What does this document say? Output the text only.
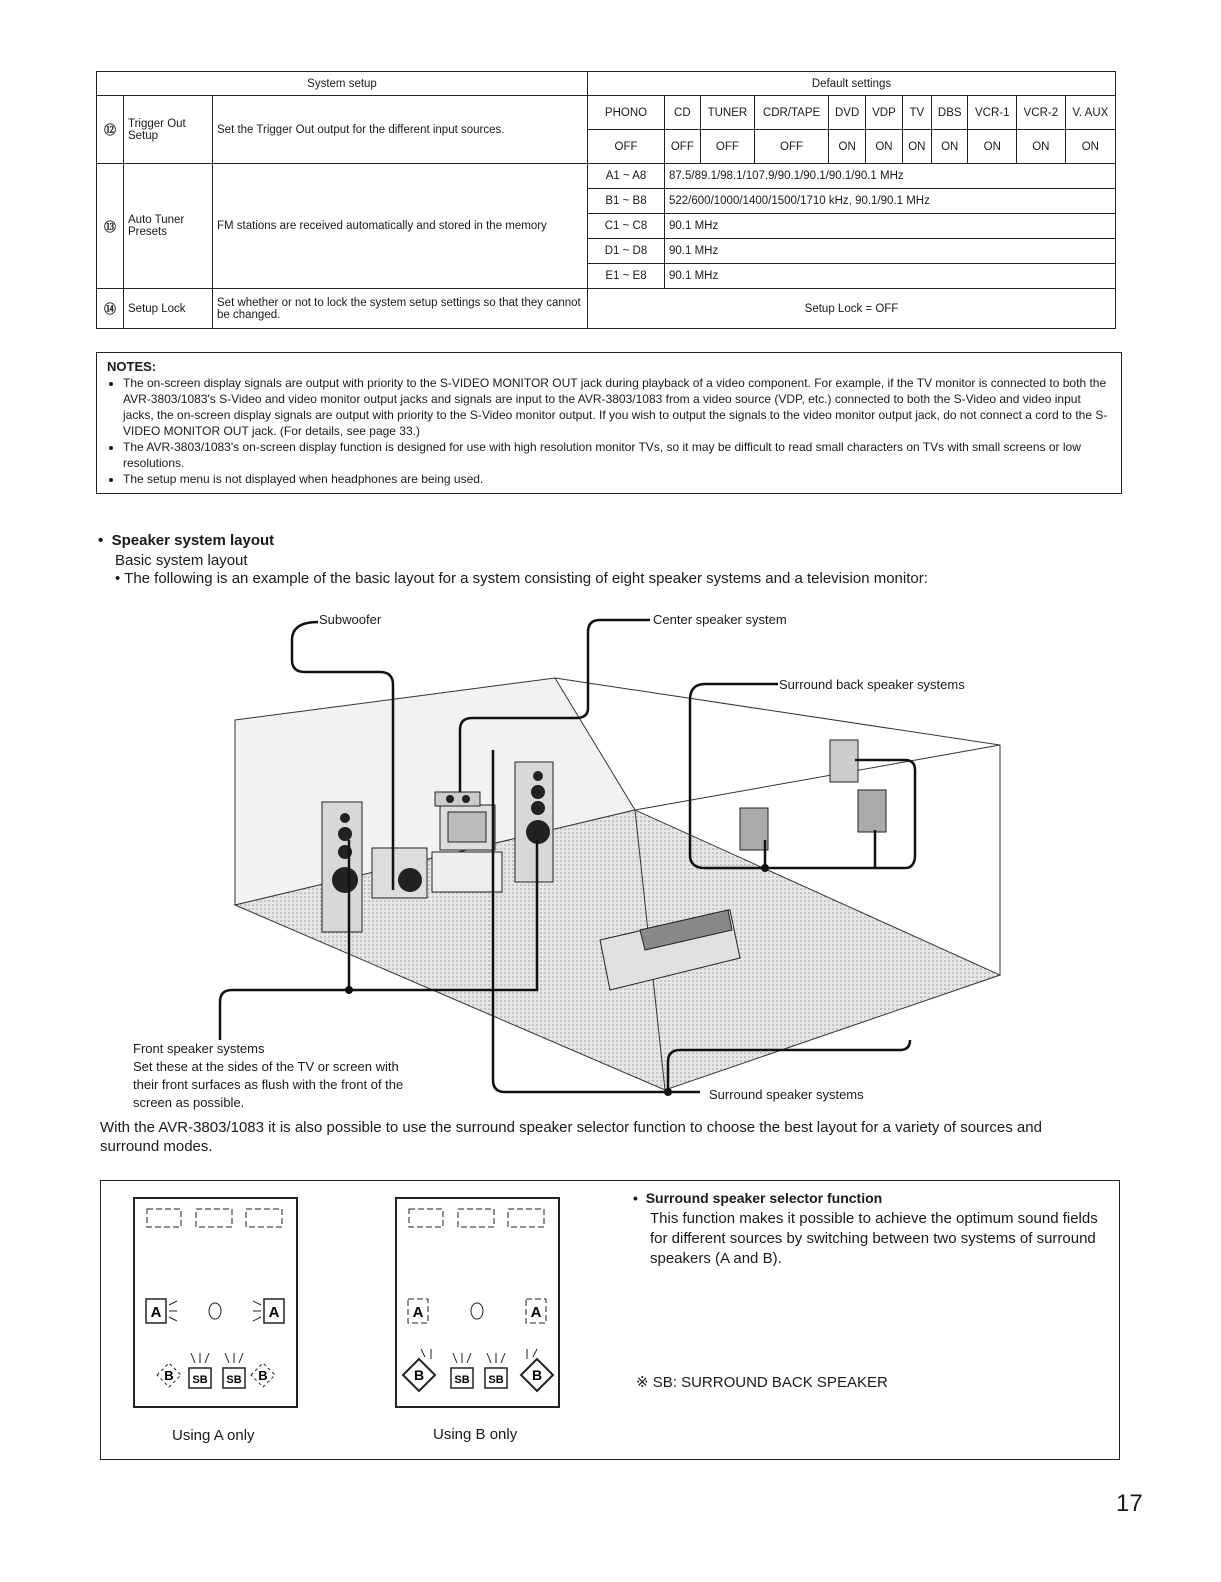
System setup			Default settings										
⑫	Trigger Out Setup	Set the Trigger Out output for the different input sources.	PHONO	CD	TUNER	CDR/TAPE	DVD	VDP	TV	DBS	VCR-1	VCR-2	V. AUX
			OFF	OFF	OFF	OFF	ON	ON	ON	ON	ON	ON	ON
⑬	Auto Tuner Presets	FM stations are received automatically and stored in the memory	A1 ~ A8	87.5/89.1/98.1/107.9/90.1/90.1/90.1/90.1 MHz									
			B1 ~ B8	522/600/1000/1400/1500/1710 kHz, 90.1/90.1 MHz									
			C1 ~ C8	90.1 MHz									
			D1 ~ D8	90.1 MHz									
			E1 ~ E8	90.1 MHz									
⑭	Setup Lock	Set whether or not to lock the system setup settings so that they cannot be changed.	Setup Lock = OFF										
NOTES:
• The on-screen display signals are output with priority to the S-VIDEO MONITOR OUT jack during playback of a video component. For example, if the TV monitor is connected to both the AVR-3803/1083's S-Video and video monitor output jacks and signals are input to the AVR-3803/1083 from a video source (VDP, etc.) connected to both the S-Video and video input jacks, the on-screen display signals are output with priority to the S-Video monitor output. If you wish to output the signals to the video monitor output jack, do not connect a cord to the S-VIDEO MONITOR OUT jack. (For details, see page 33.)
• The AVR-3803/1083's on-screen display function is designed for use with high resolution monitor TVs, so it may be difficult to read small characters on TVs with small screens or low resolutions.
• The setup menu is not displayed when headphones are being used.
•  Speaker system layout
Basic system layout
• The following is an example of the basic layout for a system consisting of eight speaker systems and a television monitor:
Subwoofer	Center speaker system
Surround back speaker systems
Front speaker systems
Set these at the sides of the TV or screen with
their front surfaces as flush with the front of the
screen as possible.
Surround speaker systems
With the AVR-3803/1083 it is also possible to use the surround speaker selector function to choose the best layout for a variety of sources and
surround modes.
A	A
B	B
SB SB
Using A only
A	A
B	B
SB SB
Using B only
•  Surround speaker selector function
This function makes it possible to achieve the optimum sound fields for different sources by switching between two systems of surround speakers (A and B).
※ SB: SURROUND BACK SPEAKER
17
